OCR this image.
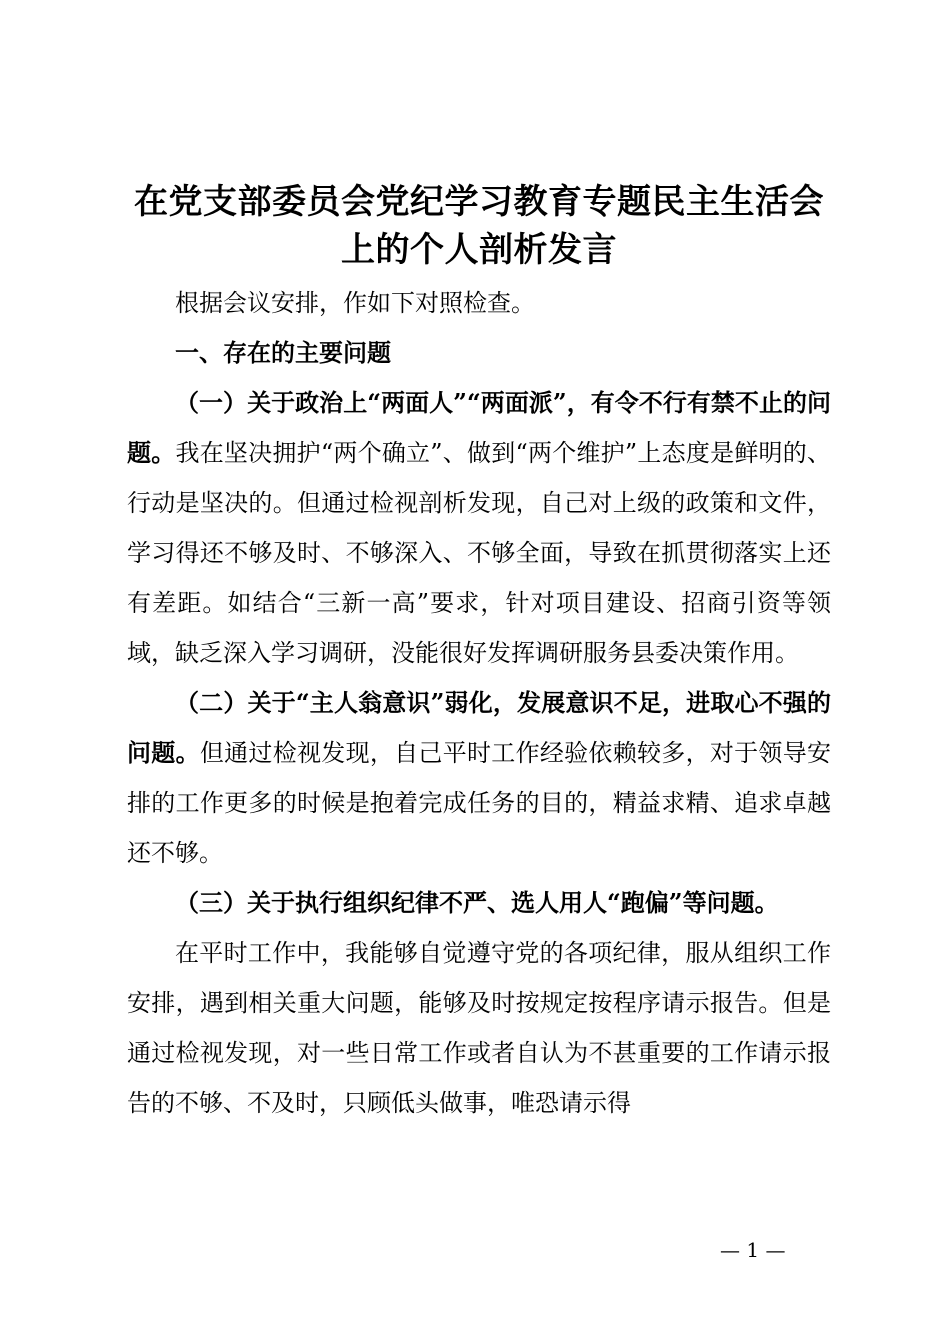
在党支部委员会党纪学习教育专题民主生活会上的个人剖析发言

根据会议安排，作如下对照检查。

一、存在的主要问题

（一）关于政治上“两面人”“两面派”，有令不行有禁不止的问题。我在坚决拥护“两个确立”、做到“两个维护”上态度是鲜明的、行动是坚决的。但通过检视剖析发现，自己对上级的政策和文件，学习得还不够及时、不够深入、不够全面，导致在抓贯彻落实上还有差距。如结合“三新一高”要求，针对项目建设、招商引资等领域，缺乏深入学习调研，没能很好发挥调研服务县委决策作用。

（二）关于“主人翁意识”弱化，发展意识不足，进取心不强的问题。但通过检视发现，自己平时工作经验依赖较多，对于领导安排的工作更多的时候是抱着完成任务的目的，精益求精、追求卓越还不够。

（三）关于执行组织纪律不严、选人用人“跑偏”等问题。

在平时工作中，我能够自觉遵守党的各项纪律，服从组织工作安排，遇到相关重大问题，能够及时按规定按程序请示报告。但是通过检视发现，对一些日常工作或者自认为不甚重要的工作请示报告的不够、不及时，只顾低头做事，唯恐请示得

— 1 —
